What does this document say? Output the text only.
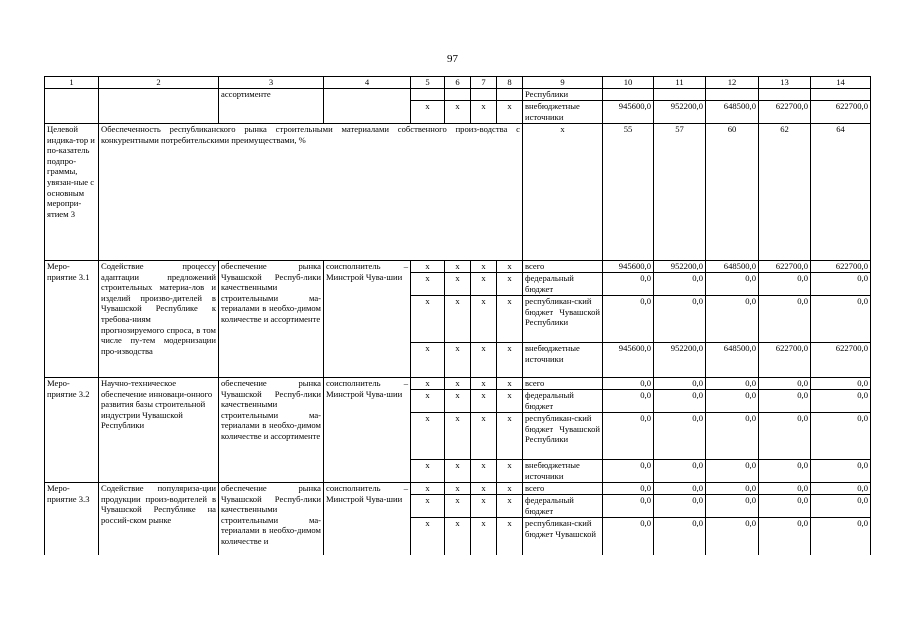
97
1	2	3	4	5	6	7	8	9	10	11	12	13	14
		ассортименте						Республики					
				х	х	х	х	внебюджетные источники	945600,0	952200,0	648500,0	622700,0	622700,0
Целевой индика-тор и по-казатель подпро-граммы, увязан-ные с основным меропри-ятием 3	Обеспеченность республиканского рынка строительными материалами собственного произ-водства с конкурентными потребительскими преимуществами, %							х	55	57	60	62	64
Меро-приятие 3.1	Содействие процессу адаптации предложений строительных материа-лов и изделий произво-дителей в Чувашской Республике к требова-ниям прогнозируемого спроса, в том числе пу-тем модернизации про-изводства	обеспечение рынка Чувашской Респуб-лики качественными строительными ма-териалами в необхо-димом количестве и ассортименте	соисполнитель – Минстрой Чува-шии	х	х	х	х	всего	945600,0	952200,0	648500,0	622700,0	622700,0
				х	х	х	х	федеральный бюджет	0,0	0,0	0,0	0,0	0,0
				х	х	х	х	республикан-ский бюджет Чувашской Республики	0,0	0,0	0,0	0,0	0,0
				х	х	х	х	внебюджетные источники	945600,0	952200,0	648500,0	622700,0	622700,0
Меро-приятие 3.2	Научно-техническое обеспечение инноваци-онного развития базы строительной индустрии Чувашской Республики	обеспечение рынка Чувашской Респуб-лики качественными строительными ма-териалами в необхо-димом количестве и ассортименте	соисполнитель – Минстрой Чува-шии	х	х	х	х	всего	0,0	0,0	0,0	0,0	0,0
				х	х	х	х	федеральный бюджет	0,0	0,0	0,0	0,0	0,0
				х	х	х	х	республикан-ский бюджет Чувашской Республики	0,0	0,0	0,0	0,0	0,0
				х	х	х	х	внебюджетные источники	0,0	0,0	0,0	0,0	0,0
Меро-приятие 3.3	Содействие популяриза-ции продукции произ-водителей в Чувашской Республике на россий-ском рынке	обеспечение рынка Чувашской Респуб-лики качественными строительными ма-териалами в необхо-димом количестве и	соисполнитель – Минстрой Чува-шии	х	х	х	х	всего	0,0	0,0	0,0	0,0	0,0
				х	х	х	х	федеральный бюджет	0,0	0,0	0,0	0,0	0,0
				х	х	х	х	республикан-ский бюджет Чувашской	0,0	0,0	0,0	0,0	0,0
